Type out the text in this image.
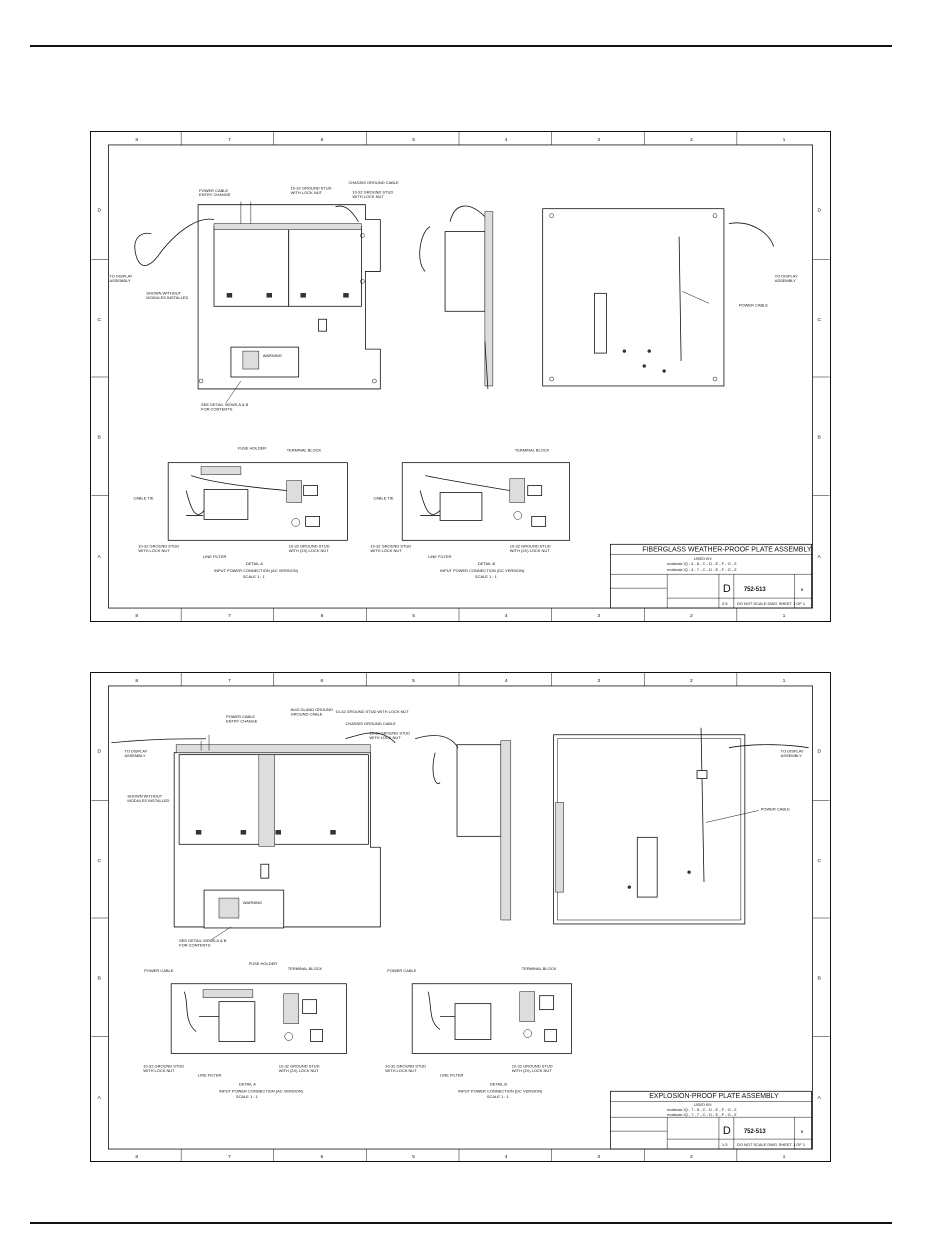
8	7	6	5	4	3	2	1
8	7	6	5	4	3	2	1
D
C
B
A
D
C
B
A
WARNING
POWER CABLE ENTRY CHANGE
10-32 GROUND STUD WITH LOCK NUT
CHASSIS GROUND CABLE
10-32 GROUND STUD WITH LOCK NUT
TO DISPLAY ASSEMBLY
SHOWN WITHOUT MODULES INSTALLED
TO DISPLAY ASSEMBLY
POWER CABLE
SEE DETAIL VIEWS A & B FOR CONTENTS
FUSE HOLDER	TERMINAL BLOCK
CABLE TIE
10-32 GROUND STUD WITH LOCK NUT
LINE FILTER
10-32 GROUND STUD WITH (2X) LOCK NUT
DETAIL A
INPUT POWER CONNECTION (AC VERSION)
SCALE 1 : 1
TERMINAL BLOCK
CABLE TIE
10-32 GROUND STUD WITH LOCK NUT
LINE FILTER
10-32 GROUND STUD WITH (2X) LOCK NUT
DETAIL B
INPUT POWER CONNECTION (DC VERSION)
SCALE 1 : 1
FIBERGLASS WEATHER-PROOF PLATE ASSEMBLY
USED BY:
moisture.IQ - 4 - 6 - C - D - E - F - G - Z
moisture.IQ - 4 - 7 - C - D - E - F - G - Z
D 752-513	B
2:3 DO NOT SCALE DWG SHEET 1 OF 1
8	7	6	5	4	3	2	1
8	7	6	5	4	3	2	1
D
C
B
A
D
C
B
A
WARNING
POWER CABLE ENTRY CHANGE
8x10 GLAND GROUND GROUND CABLE	10-32 GROUND STUD WITH LOCK NUT
CHASSIS GROUND CABLE
10-32 GROUND STUD WITH LOCK NUT
TO DISPLAY ASSEMBLY
SHOWN WITHOUT MODULES INSTALLED
TO DISPLAY ASSEMBLY
POWER CABLE
SEE DETAIL VIEWS A & B FOR CONTENTS
POWER CABLE
FUSE HOLDER
TERMINAL BLOCK
10-32 GROUND STUD WITH LOCK NUT
LINE FILTER
10-32 GROUND STUD WITH (2X) LOCK NUT
DETAIL A
INPUT POWER CONNECTION (AC VERSION)
SCALE 1 : 1
POWER CABLE	TERMINAL BLOCK
10-32 GROUND STUD WITH LOCK NUT
LINE FILTER
10-32 GROUND STUD WITH (2X) LOCK NUT
DETAIL B
INPUT POWER CONNECTION (DC VERSION)
SCALE 1 : 1	EXPLOSION-PROOF PLATE ASSEMBLY
USED BY:
moisture.IQ - 7 - 6 - C - D - E - F - G - Z
moisture.IQ - 7 - 7 - C - D - E - F - G - Z
D 752-513	B
1:3 DO NOT SCALE DWG SHEET 1 OF 1
